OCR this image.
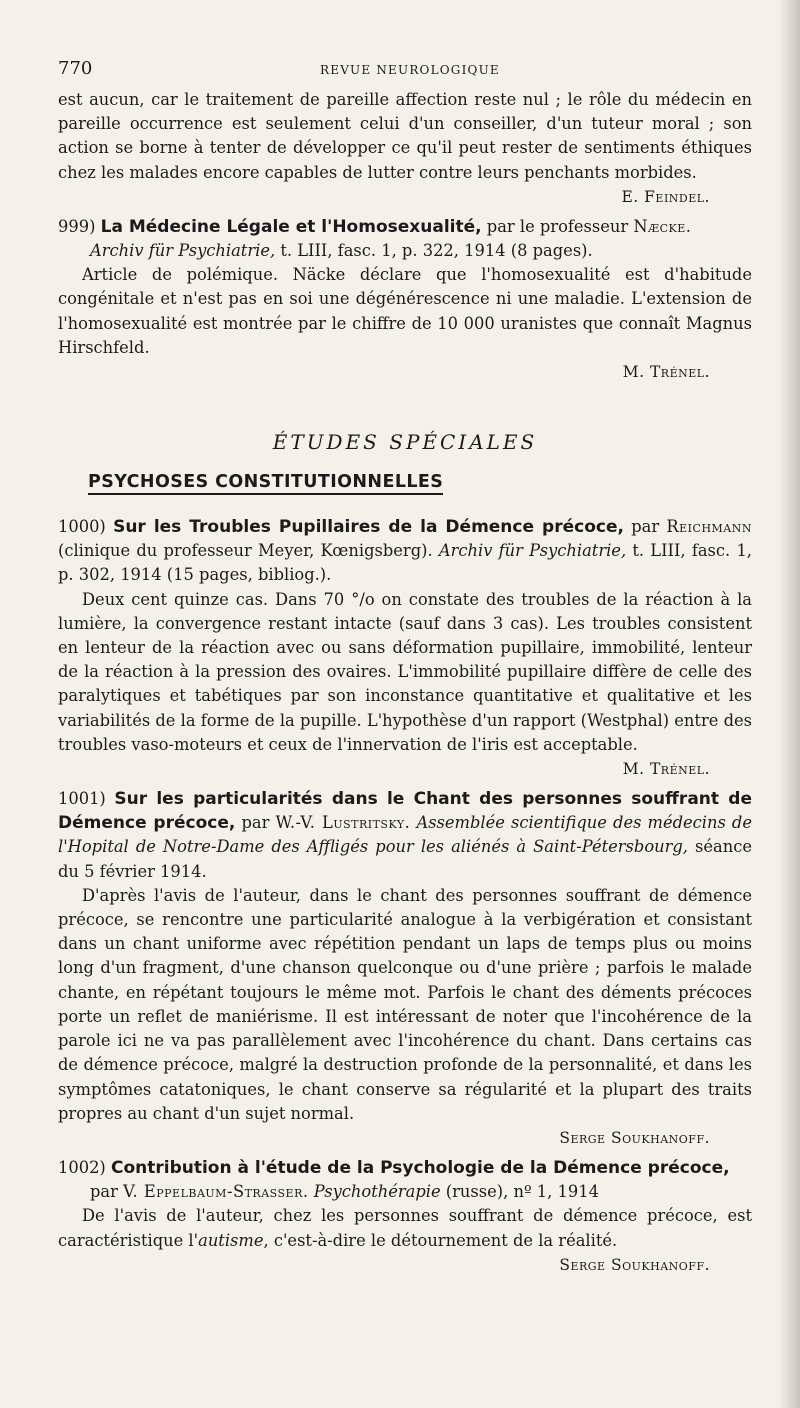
770	REVUE NEUROLOGIQUE

est aucun, car le traitement de pareille affection reste nul ; le rôle du médecin en pareille occurrence est seulement celui d'un conseiller, d'un tuteur moral ; son action se borne à tenter de développer ce qu'il peut rester de sentiments éthiques chez les malades encore capables de lutter contre leurs penchants morbides.

E. Feindel.

999) La Médecine Légale et l'Homosexualité, par le professeur Næcke.

Archiv für Psychiatrie, t. LIII, fasc. 1, p. 322, 1914 (8 pages).

Article de polémique. Näcke déclare que l'homosexualité est d'habitude congénitale et n'est pas en soi une dégénérescence ni une maladie. L'extension de l'homosexualité est montrée par le chiffre de 10 000 uranistes que connaît Magnus Hirschfeld.

M. Trénel.
ÉTUDES SPÉCIALES
PSYCHOSES CONSTITUTIONNELLES

1000) Sur les Troubles Pupillaires de la Démence précoce, par Reichmann (clinique du professeur Meyer, Kœnigsberg). Archiv für Psychiatrie, t. LIII, fasc. 1, p. 302, 1914 (15 pages, bibliog.).

Deux cent quinze cas. Dans 70 °/o on constate des troubles de la réaction à la lumière, la convergence restant intacte (sauf dans 3 cas). Les troubles consistent en lenteur de la réaction avec ou sans déformation pupillaire, immobilité, lenteur de la réaction à la pression des ovaires. L'immobilité pupillaire diffère de celle des paralytiques et tabétiques par son inconstance quantitative et qualitative et les variabilités de la forme de la pupille. L'hypothèse d'un rapport (Westphal) entre des troubles vaso-moteurs et ceux de l'innervation de l'iris est acceptable.

M. Trénel.

1001) Sur les particularités dans le Chant des personnes souffrant de Démence précoce, par W.-V. Lustritsky. Assemblée scientifique des médecins de l'Hopital de Notre-Dame des Affligés pour les aliénés à Saint-Pétersbourg, séance du 5 février 1914.

D'après l'avis de l'auteur, dans le chant des personnes souffrant de démence précoce, se rencontre une particularité analogue à la verbigération et consistant dans un chant uniforme avec répétition pendant un laps de temps plus ou moins long d'un fragment, d'une chanson quelconque ou d'une prière ; parfois le malade chante, en répétant toujours le même mot. Parfois le chant des déments précoces porte un reflet de maniérisme. Il est intéressant de noter que l'incohérence de la parole ici ne va pas parallèlement avec l'incohérence du chant. Dans certains cas de démence précoce, malgré la destruction profonde de la personnalité, et dans les symptômes catatoniques, le chant conserve sa régularité et la plupart des traits propres au chant d'un sujet normal.

Serge Soukhanoff.

1002) Contribution à l'étude de la Psychologie de la Démence précoce,

par V. Eppelbaum-Strasser. Psychothérapie (russe), nº 1, 1914

De l'avis de l'auteur, chez les personnes souffrant de démence précoce, est caractéristique l'autisme, c'est-à-dire le détournement de la réalité.

Serge Soukhanoff.
